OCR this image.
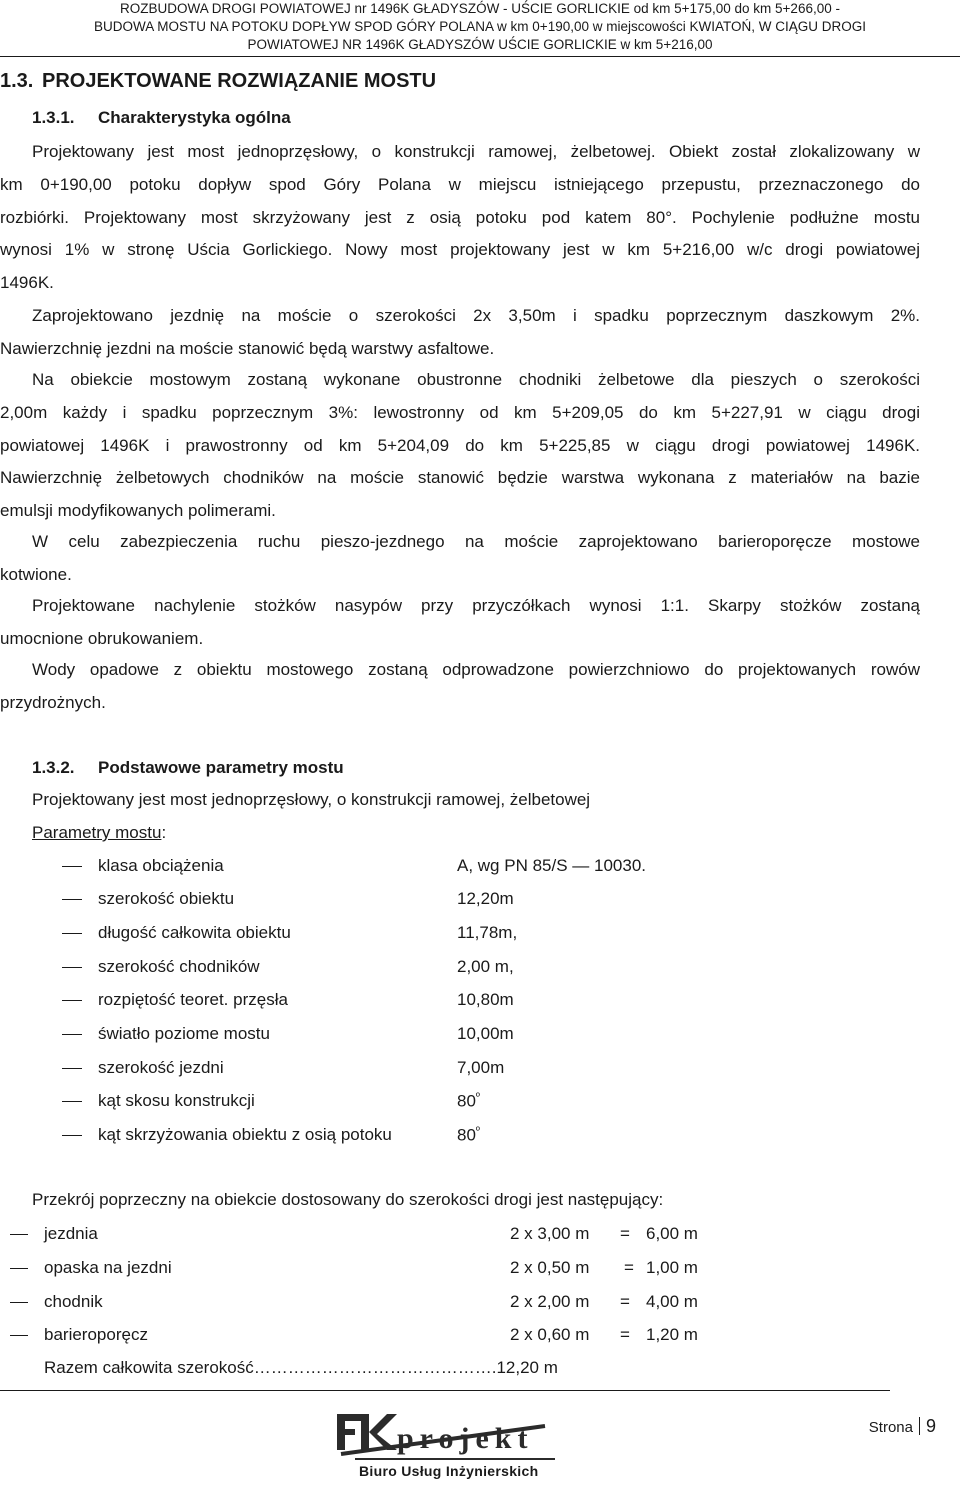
ROZBUDOWA DROGI POWIATOWEJ nr 1496K GŁADYSZÓW - UŚCIE GORLICKIE od km 5+175,00 do km 5+266,00 -
BUDOWA MOSTU NA POTOKU DOPŁYW SPOD GÓRY POLANA w km 0+190,00 w miejscowości KWIATOŃ, W CIĄGU DROGI
POWIATOWEJ NR 1496K GŁADYSZÓW UŚCIE GORLICKIE w km 5+216,00
1.3. PROJEKTOWANE ROZWIĄZANIE MOSTU
1.3.1. Charakterystyka ogólna
Projektowany jest most jednoprzęsłowy, o konstrukcji ramowej, żelbetowej. Obiekt został zlokalizowany w
km 0+190,00 potoku dopływ spod Góry Polana w miejscu istniejącego przepustu, przeznaczonego do
rozbiórki. Projektowany most skrzyżowany jest z osią potoku pod katem 80°. Pochylenie podłużne mostu
wynosi 1% w stronę Uścia Gorlickiego. Nowy most projektowany jest w km 5+216,00 w/c drogi powiatowej
1496K.
Zaprojektowano jezdnię na moście o szerokości 2x 3,50m i spadku poprzecznym daszkowym 2%.
Nawierzchnię jezdni na moście stanowić będą warstwy asfaltowe.
Na obiekcie mostowym zostaną wykonane obustronne chodniki żelbetowe dla pieszych o szerokości
2,00m każdy i spadku poprzecznym 3%: lewostronny od km 5+209,05 do km 5+227,91 w ciągu drogi
powiatowej 1496K i prawostronny od km 5+204,09 do km 5+225,85 w ciągu drogi powiatowej 1496K.
Nawierzchnię żelbetowych chodników na moście stanowić będzie warstwa wykonana z materiałów na bazie
emulsji modyfikowanych polimerami.
W celu zabezpieczenia ruchu pieszo-jezdnego na moście zaprojektowano barieroporęcze mostowe
kotwione.
Projektowane nachylenie stożków nasypów przy przyczółkach wynosi 1:1. Skarpy stożków zostaną
umocnione obrukowaniem.
Wody opadowe z obiektu mostowego zostaną odprowadzone powierzchniowo do projektowanych rowów
przydrożnych.
1.3.2. Podstawowe parametry mostu
Projektowany jest most jednoprzęsłowy, o konstrukcji ramowej, żelbetowej
Parametry mostu:
klasa obciążenia	A, wg PN 85/S — 10030.
szerokość obiektu	12,20m
długość całkowita obiektu	11,78m,
szerokość chodników	2,00 m,
rozpiętość teoret. przęsła	10,80m
światło poziome mostu	10,00m
szerokość jezdni	7,00m
kąt skosu konstrukcji	$80^º$
kąt skrzyżowania obiektu z osią potoku	$80^º$
Przekrój poprzeczny na obiekcie dostosowany do szerokości drogi jest następujący:
jezdnia	2 x 3,00 m = 6,00 m
opaska na jezdni	2 x 0,50 m = 1,00 m
chodnik	2 x 2,00 m = 4,00 m
barieroporęcz	2 x 0,60 m = 1,20 m
Razem całkowita szerokość…………………………………….12,20 m
projekt
Biuro Usług Inżynierskich
Strona 9
